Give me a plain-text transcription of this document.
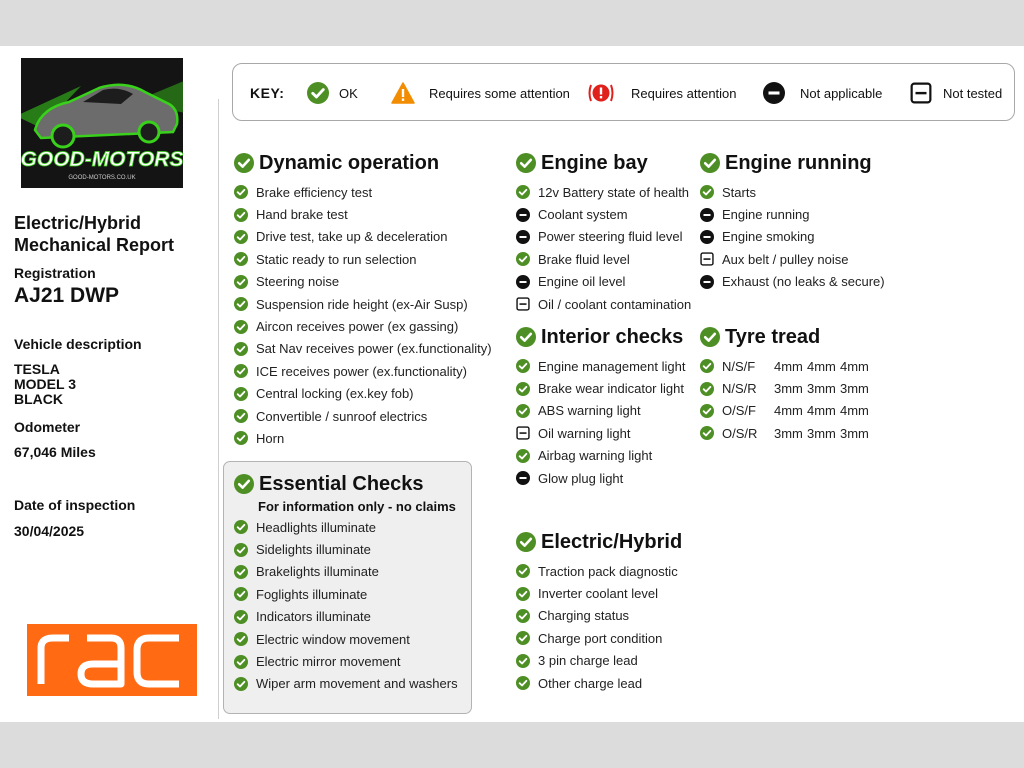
GOOD-MOTORS
GOOD-MOTORS.CO.UK
Electric/Hybrid
Mechanical Report
Registration
AJ21 DWP
Vehicle description
TESLA
MODEL 3
BLACK
Odometer
67,046 Miles
Date of inspection
30/04/2025
KEY:	OK	Requires some attention	Requires attention	Not applicable	Not tested
Dynamic operation
Brake efficiency test
Hand brake test
Drive test, take up & deceleration
Static ready to run selection
Steering noise
Suspension ride height (ex-Air Susp)
Aircon receives power (ex gassing)
Sat Nav receives power (ex.functionality)
ICE receives power (ex.functionality)
Central locking (ex.key fob)
Convertible / sunroof electrics
Horn
Essential Checks
For information only - no claims
Headlights illuminate
Sidelights illuminate
Brakelights illuminate
Foglights illuminate
Indicators illuminate
Electric window movement
Electric mirror movement
Wiper arm movement and washers
Engine bay
12v Battery state of health
Coolant system
Power steering fluid level
Brake fluid level
Engine oil level
Oil / coolant contamination
Interior checks
Engine management light
Brake wear indicator light
ABS warning light
Oil warning light
Airbag warning light
Glow plug light
Electric/Hybrid
Traction pack diagnostic
Inverter coolant level
Charging status
Charge port condition
3 pin charge lead
Other charge lead
Engine running
Starts
Engine running
Engine smoking
Aux belt / pulley noise
Exhaust (no leaks & secure)
Tyre tread
N/S/F	4mm 4mm 4mm
N/S/R	3mm 3mm 3mm
O/S/F	4mm 4mm 4mm
O/S/R	3mm 3mm 3mm
